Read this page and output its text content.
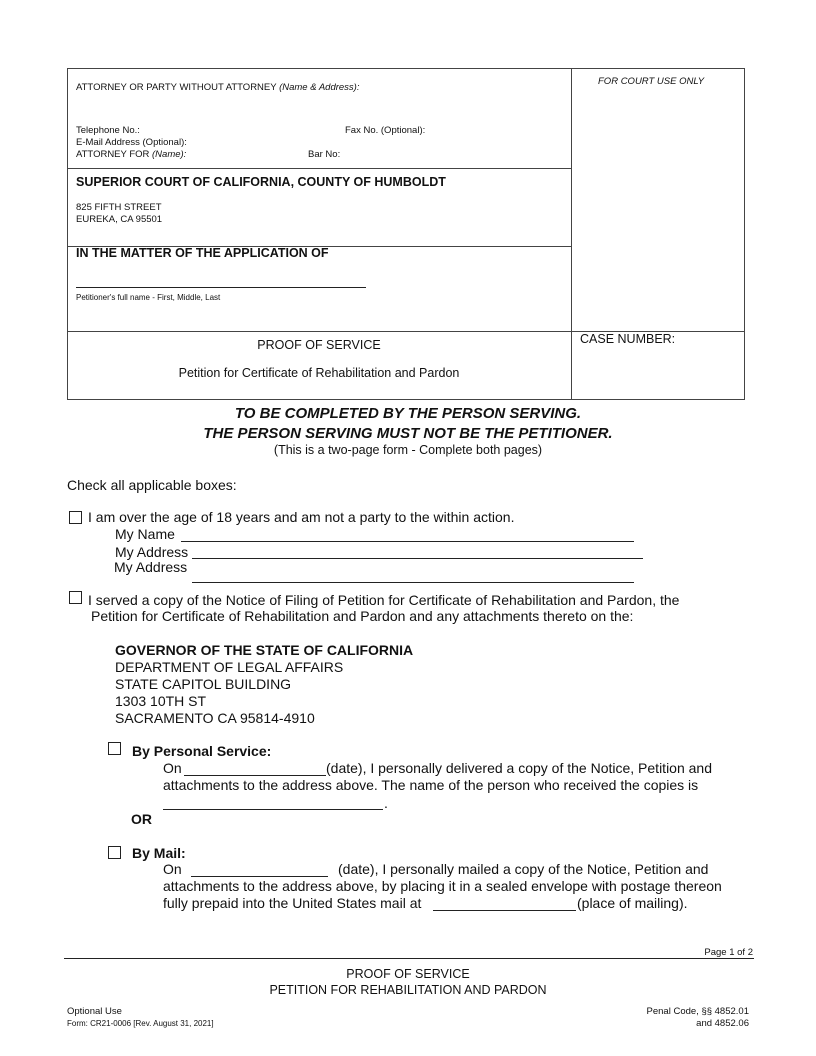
ATTORNEY OR PARTY WITHOUT ATTORNEY (Name & Address):
Telephone No.:	Fax No. (Optional):
E-Mail Address (Optional):
ATTORNEY FOR (Name):	Bar No:
FOR COURT USE ONLY
SUPERIOR COURT OF CALIFORNIA, COUNTY OF HUMBOLDT
825 FIFTH STREET
EUREKA, CA 95501
IN THE MATTER OF THE APPLICATION OF
Petitioner's full name - First, Middle, Last
PROOF OF SERVICE
Petition for Certificate of Rehabilitation and Pardon
CASE NUMBER:
TO BE COMPLETED BY THE PERSON SERVING.
THE PERSON SERVING MUST NOT BE THE PETITIONER.
(This is a two-page form - Complete both pages)
Check all applicable boxes:
I am over the age of 18 years and am not a party to the within action.
My Name
My Address
My Address
I served a copy of the Notice of Filing of Petition for Certificate of Rehabilitation and Pardon, the
Petition for Certificate of Rehabilitation and Pardon and any attachments thereto on the:
GOVERNOR OF THE STATE OF CALIFORNIA
DEPARTMENT OF LEGAL AFFAIRS
STATE CAPITOL BUILDING
1303 10TH ST
SACRAMENTO CA 95814-4910
By Personal Service:
On	(date), I personally delivered a copy of the Notice, Petition and
attachments to the address above. The name of the person who received the copies is
.
OR
By Mail:
On	(date), I personally mailed a copy of the Notice, Petition and
attachments to the address above, by placing it in a sealed envelope with postage thereon
fully prepaid into the United States mail at	(place of mailing).
Page 1 of 2
PROOF OF SERVICE
PETITION FOR REHABILITATION AND PARDON
Optional Use
Form: CR21-0006 [Rev. August 31, 2021]
Penal Code, §§ 4852.01
and 4852.06
